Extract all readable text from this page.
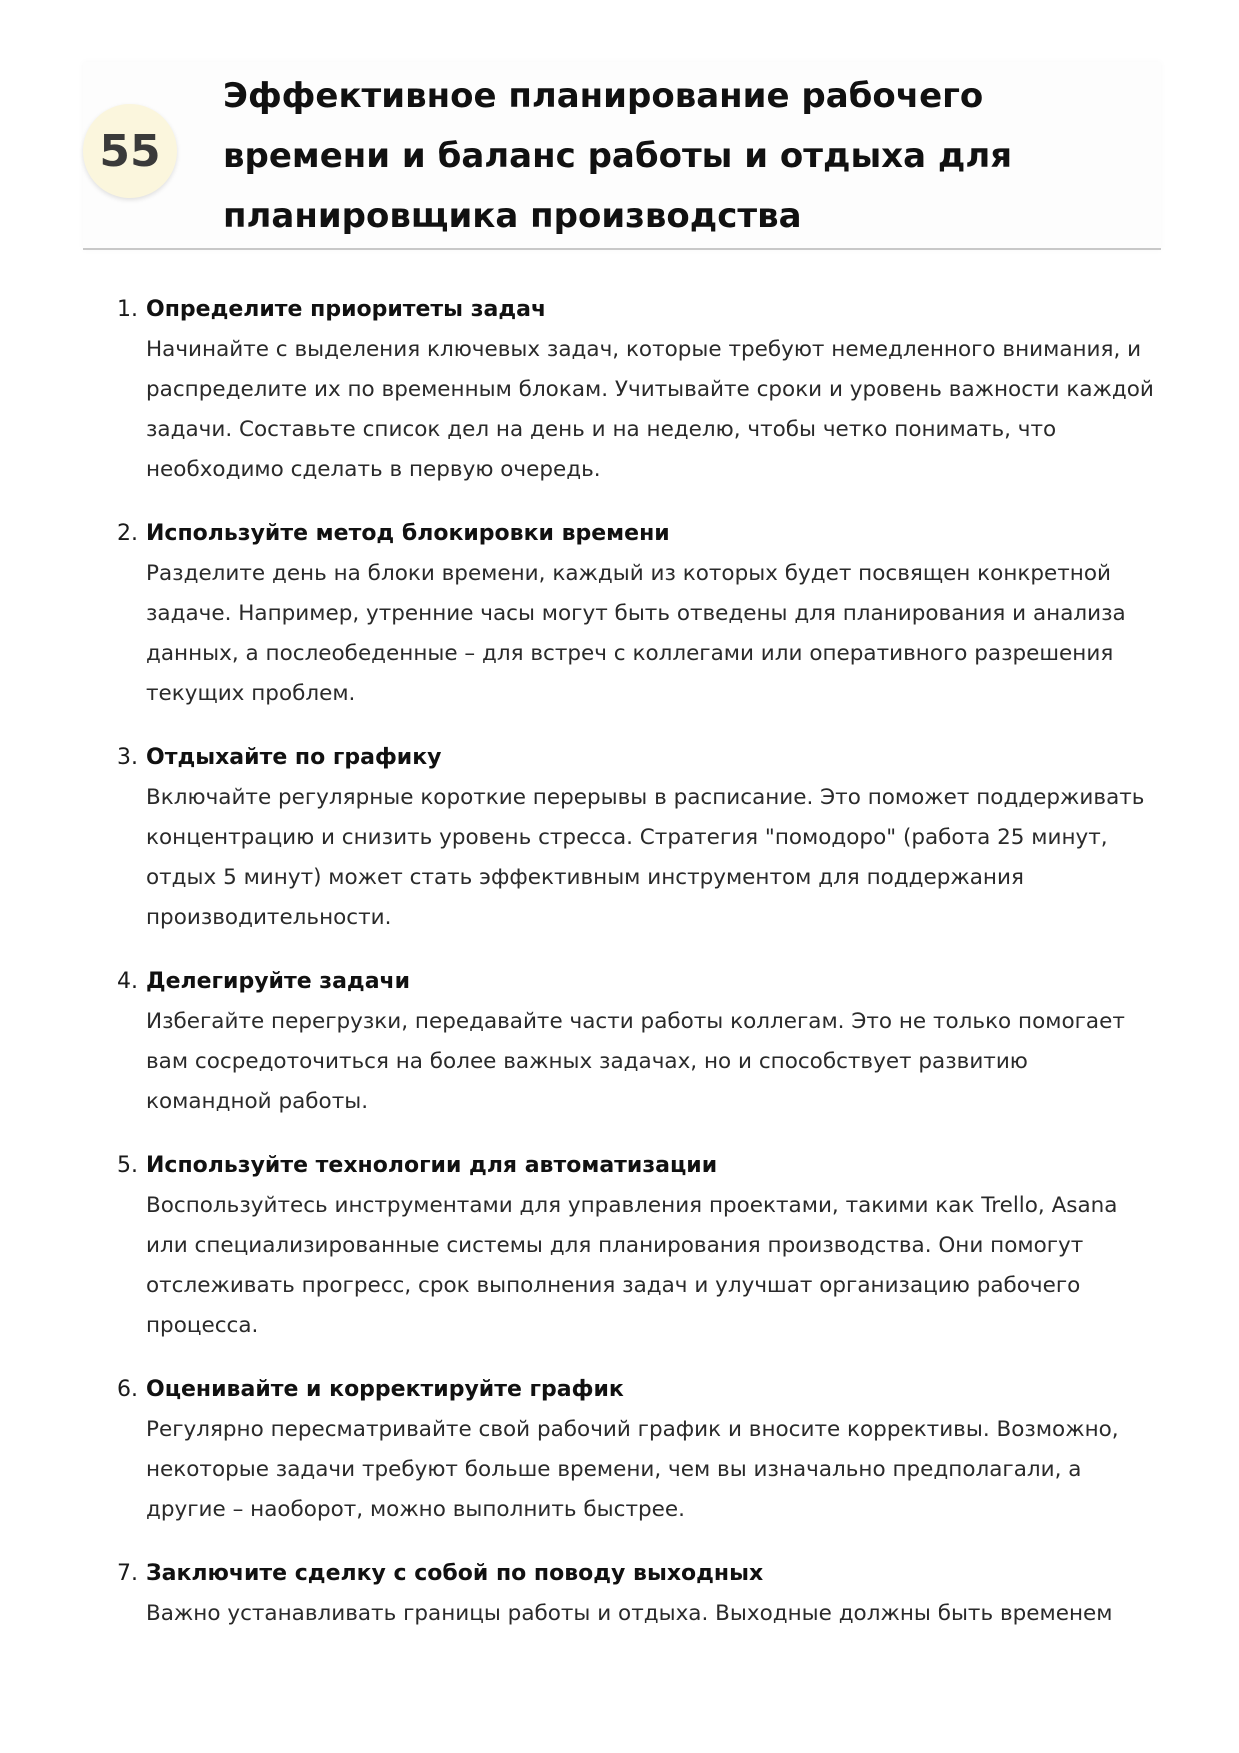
55
Эффективное планирование рабочего времени и баланс работы и отдыха для планировщика производства
1. Определите приоритеты задач
Начинайте с выделения ключевых задач, которые требуют немедленного внимания, и распределите их по временным блокам. Учитывайте сроки и уровень важности каждой задачи. Составьте список дел на день и на неделю, чтобы четко понимать, что необходимо сделать в первую очередь.
2. Используйте метод блокировки времени
Разделите день на блоки времени, каждый из которых будет посвящен конкретной задаче. Например, утренние часы могут быть отведены для планирования и анализа данных, а послеобеденные – для встреч с коллегами или оперативного разрешения текущих проблем.
3. Отдыхайте по графику
Включайте регулярные короткие перерывы в расписание. Это поможет поддерживать концентрацию и снизить уровень стресса. Стратегия "помодоро" (работа 25 минут, отдых 5 минут) может стать эффективным инструментом для поддержания производительности.
4. Делегируйте задачи
Избегайте перегрузки, передавайте части работы коллегам. Это не только помогает вам сосредоточиться на более важных задачах, но и способствует развитию командной работы.
5. Используйте технологии для автоматизации
Воспользуйтесь инструментами для управления проектами, такими как Trello, Asana или специализированные системы для планирования производства. Они помогут отслеживать прогресс, срок выполнения задач и улучшат организацию рабочего процесса.
6. Оценивайте и корректируйте график
Регулярно пересматривайте свой рабочий график и вносите коррективы. Возможно, некоторые задачи требуют больше времени, чем вы изначально предполагали, а другие – наоборот, можно выполнить быстрее.
7. Заключите сделку с собой по поводу выходных
Важно устанавливать границы работы и отдыха. Выходные должны быть временем
